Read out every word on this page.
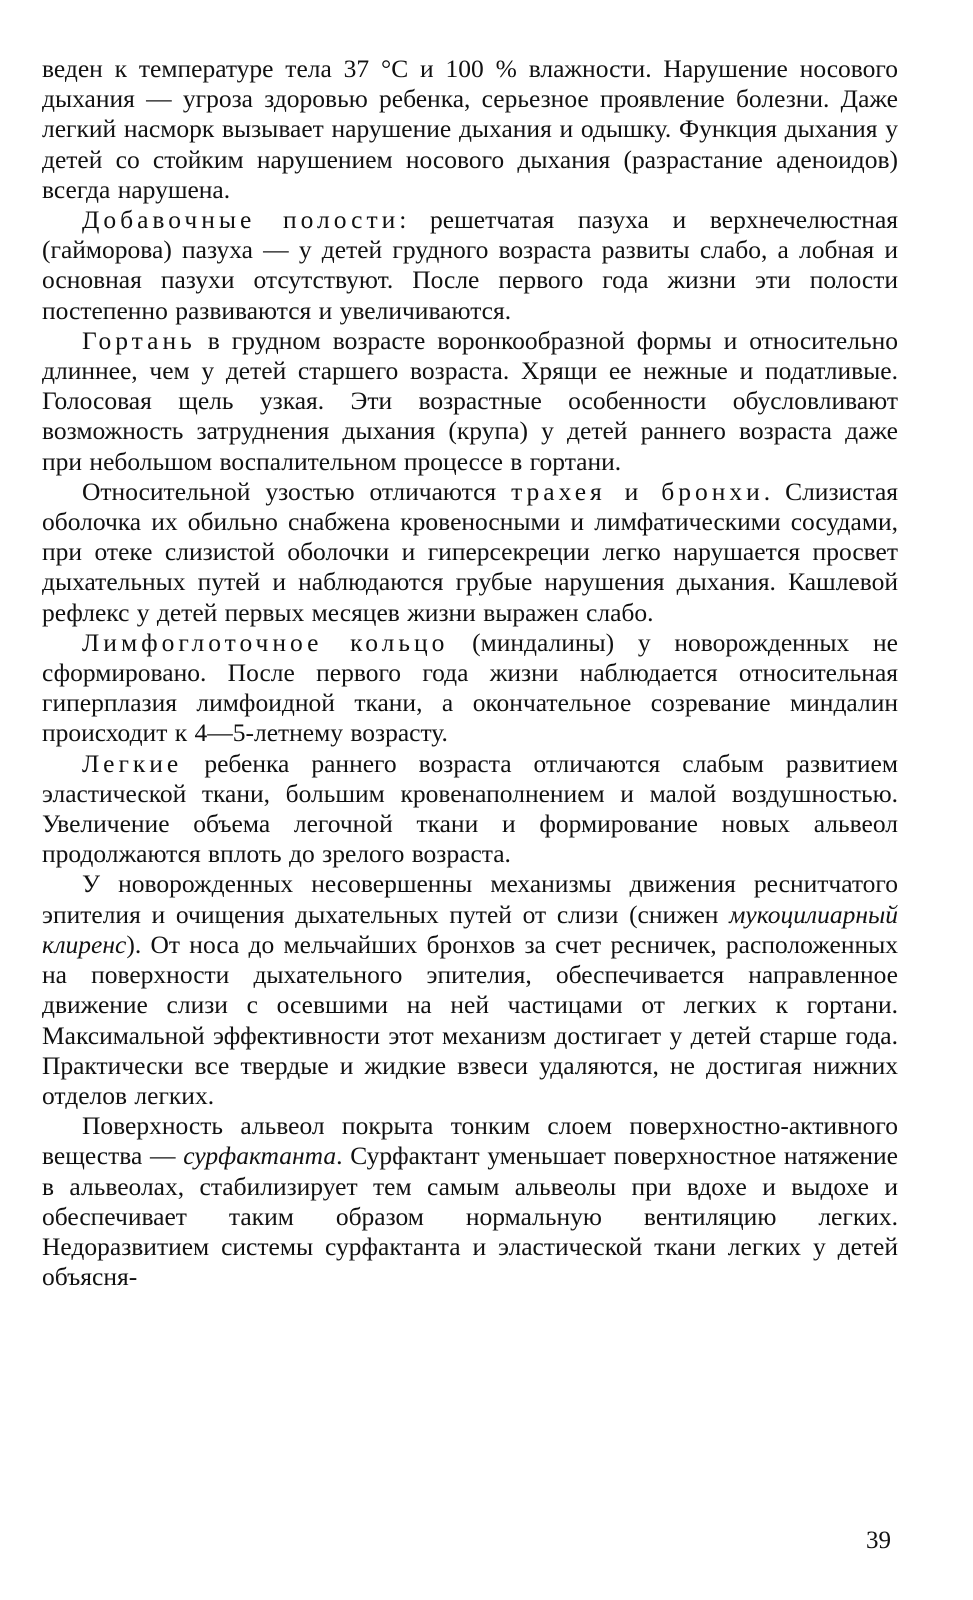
веден к температуре тела 37 °С и 100 % влажности. Нарушение носового дыхания — угроза здоровью ребенка, серьезное проявление болезни. Даже легкий насморк вызывает нарушение дыхания и одышку. Функция дыхания у детей со стойким нарушением носового дыхания (разрастание аденоидов) всегда нарушена.

Добавочные полости: решетчатая пазуха и верхнечелюстная (гайморова) пазуха — у детей грудного возраста развиты слабо, а лобная и основная пазухи отсутствуют. После первого года жизни эти полости постепенно развиваются и увеличиваются.

Гортань в грудном возрасте воронкообразной формы и относительно длиннее, чем у детей старшего возраста. Хрящи ее нежные и податливые. Голосовая щель узкая. Эти возрастные особенности обусловливают возможность затруднения дыхания (крупа) у детей раннего возраста даже при небольшом воспалительном процессе в гортани.

Относительной узостью отличаются трахея и бронхи. Слизистая оболочка их обильно снабжена кровеносными и лимфатическими сосудами, при отеке слизистой оболочки и гиперсекреции легко нарушается просвет дыхательных путей и наблюдаются грубые нарушения дыхания. Кашлевой рефлекс у детей первых месяцев жизни выражен слабо.

Лимфоглоточное кольцо (миндалины) у новорожденных не сформировано. После первого года жизни наблюдается относительная гиперплазия лимфоидной ткани, а окончательное созревание миндалин происходит к 4—5-летнему возрасту.

Легкие ребенка раннего возраста отличаются слабым развитием эластической ткани, большим кровенаполнением и малой воздушностью. Увеличение объема легочной ткани и формирование новых альвеол продолжаются вплоть до зрелого возраста.

У новорожденных несовершенны механизмы движения реснитчатого эпителия и очищения дыхательных путей от слизи (снижен мукоцилиарный клиренс). От носа до мельчайших бронхов за счет ресничек, расположенных на поверхности дыхательного эпителия, обеспечивается направленное движение слизи с осевшими на ней частицами от легких к гортани. Максимальной эффективности этот механизм достигает у детей старше года. Практически все твердые и жидкие взвеси удаляются, не достигая нижних отделов легких.

Поверхность альвеол покрыта тонким слоем поверхностно-активного вещества — сурфактанта. Сурфактант уменьшает поверхностное натяжение в альвеолах, стабилизирует тем самым альвеолы при вдохе и выдохе и обеспечивает таким образом нормальную вентиляцию легких. Недоразвитием системы сурфактанта и эластической ткани легких у детей объясня-

39
